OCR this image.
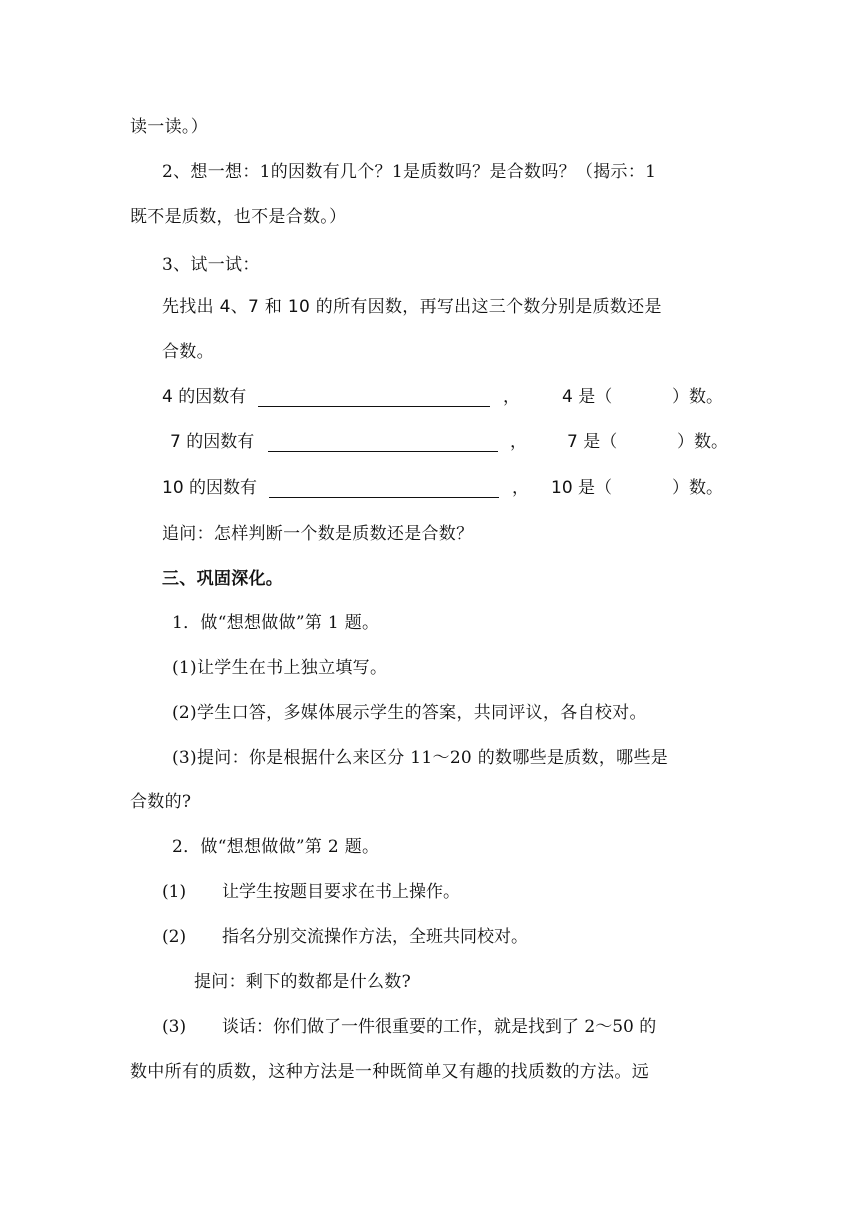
读一读。）
2、想一想：1的因数有几个？1是质数吗？是合数吗？（揭示：1
既不是质数，也不是合数。）
3、试一试：
先找出 4、7 和 10 的所有因数，再写出这三个数分别是质数还是
合数。
4 的因数有	， 4 是（	）数。
7 的因数有	， 7 是（	）数。
10 的因数有	， 10 是（	）数。
追问：怎样判断一个数是质数还是合数？
三、巩固深化。
1．做“想想做做”第 1 题。
(1)让学生在书上独立填写。
(2)学生口答，多媒体展示学生的答案，共同评议，各自校对。
(3)提问：你是根据什么来区分 11～20 的数哪些是质数，哪些是
合数的?
2．做“想想做做”第 2 题。
(1) 让学生按题目要求在书上操作。
(2) 指名分别交流操作方法，全班共同校对。
提问：剩下的数都是什么数?
(3) 谈话：你们做了一件很重要的工作，就是找到了 2～50 的
数中所有的质数，这种方法是一种既简单又有趣的找质数的方法。远
